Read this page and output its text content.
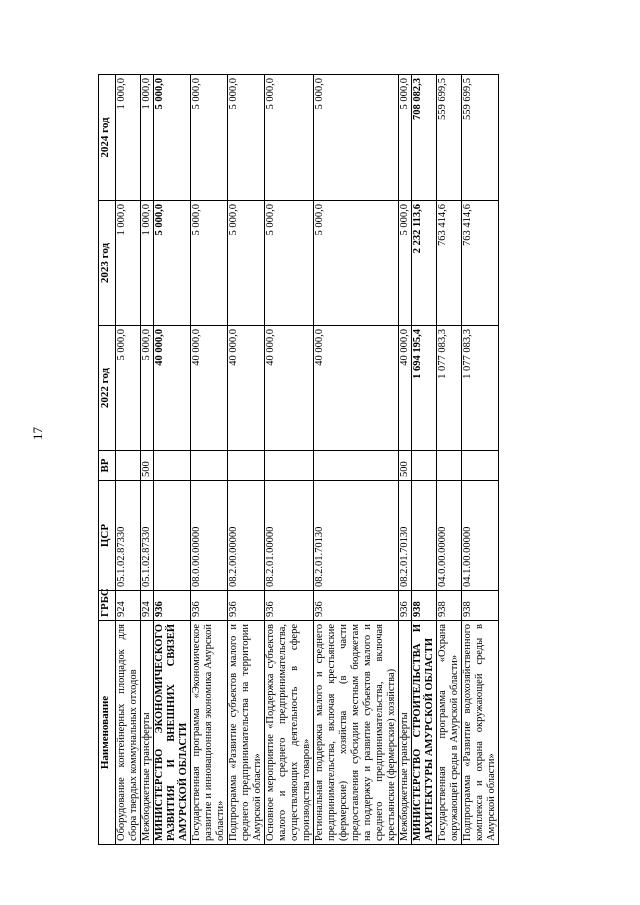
17
Наименование	ГРБС	ЦСР	ВР	2022 год	2023 год	2024 год
Оборудование контейнерных площадок для сбора твердых коммунальных отходов	924	05.1.02.87330		5 000,0	1 000,0	1 000,0
Межбюджетные трансферты	924	05.1.02.87330	500	5 000,0	1 000,0	1 000,0
МИНИСТЕРСТВО ЭКОНОМИЧЕСКОГО РАЗВИТИЯ И ВНЕШНИХ СВЯЗЕЙ АМУРСКОЙ ОБЛАСТИ	936			40 000,0	5 000,0	5 000,0
Государственная программа «Экономическое развитие и инновационная экономика Амурской области»	936	08.0.00.00000		40 000,0	5 000,0	5 000,0
Подпрограмма «Развитие субъектов малого и среднего предпринимательства на территории Амурской области»	936	08.2.00.00000		40 000,0	5 000,0	5 000,0
Основное мероприятие «Поддержка субъектов малого и среднего предпринимательства, осуществляющих деятельность в сфере производства товаров»	936	08.2.01.00000		40 000,0	5 000,0	5 000,0
Региональная поддержка малого и среднего предпринимательства, включая крестьянские (фермерские) хозяйства (в части предоставления субсидии местным бюджетам на поддержку и развитие субъектов малого и среднего предпринимательства, включая крестьянские (фермерские) хозяйства)	936	08.2.01.70130		40 000,0	5 000,0	5 000,0
Межбюджетные трансферты	936	08.2.01.70130	500	40 000,0	5 000,0	5 000,0
МИНИСТЕРСТВО СТРОИТЕЛЬСТВА И АРХИТЕКТУРЫ АМУРСКОЙ ОБЛАСТИ	938			1 694 195,4	2 232 113,6	708 082,3
Государственная программа «Охрана окружающей среды в Амурской области»	938	04.0.00.00000		1 077 083,3	763 414,6	559 699,5
Подпрограмма «Развитие водохозяйственного комплекса и охрана окружающей среды в Амурской области»	938	04.1.00.00000		1 077 083,3	763 414,6	559 699,5
